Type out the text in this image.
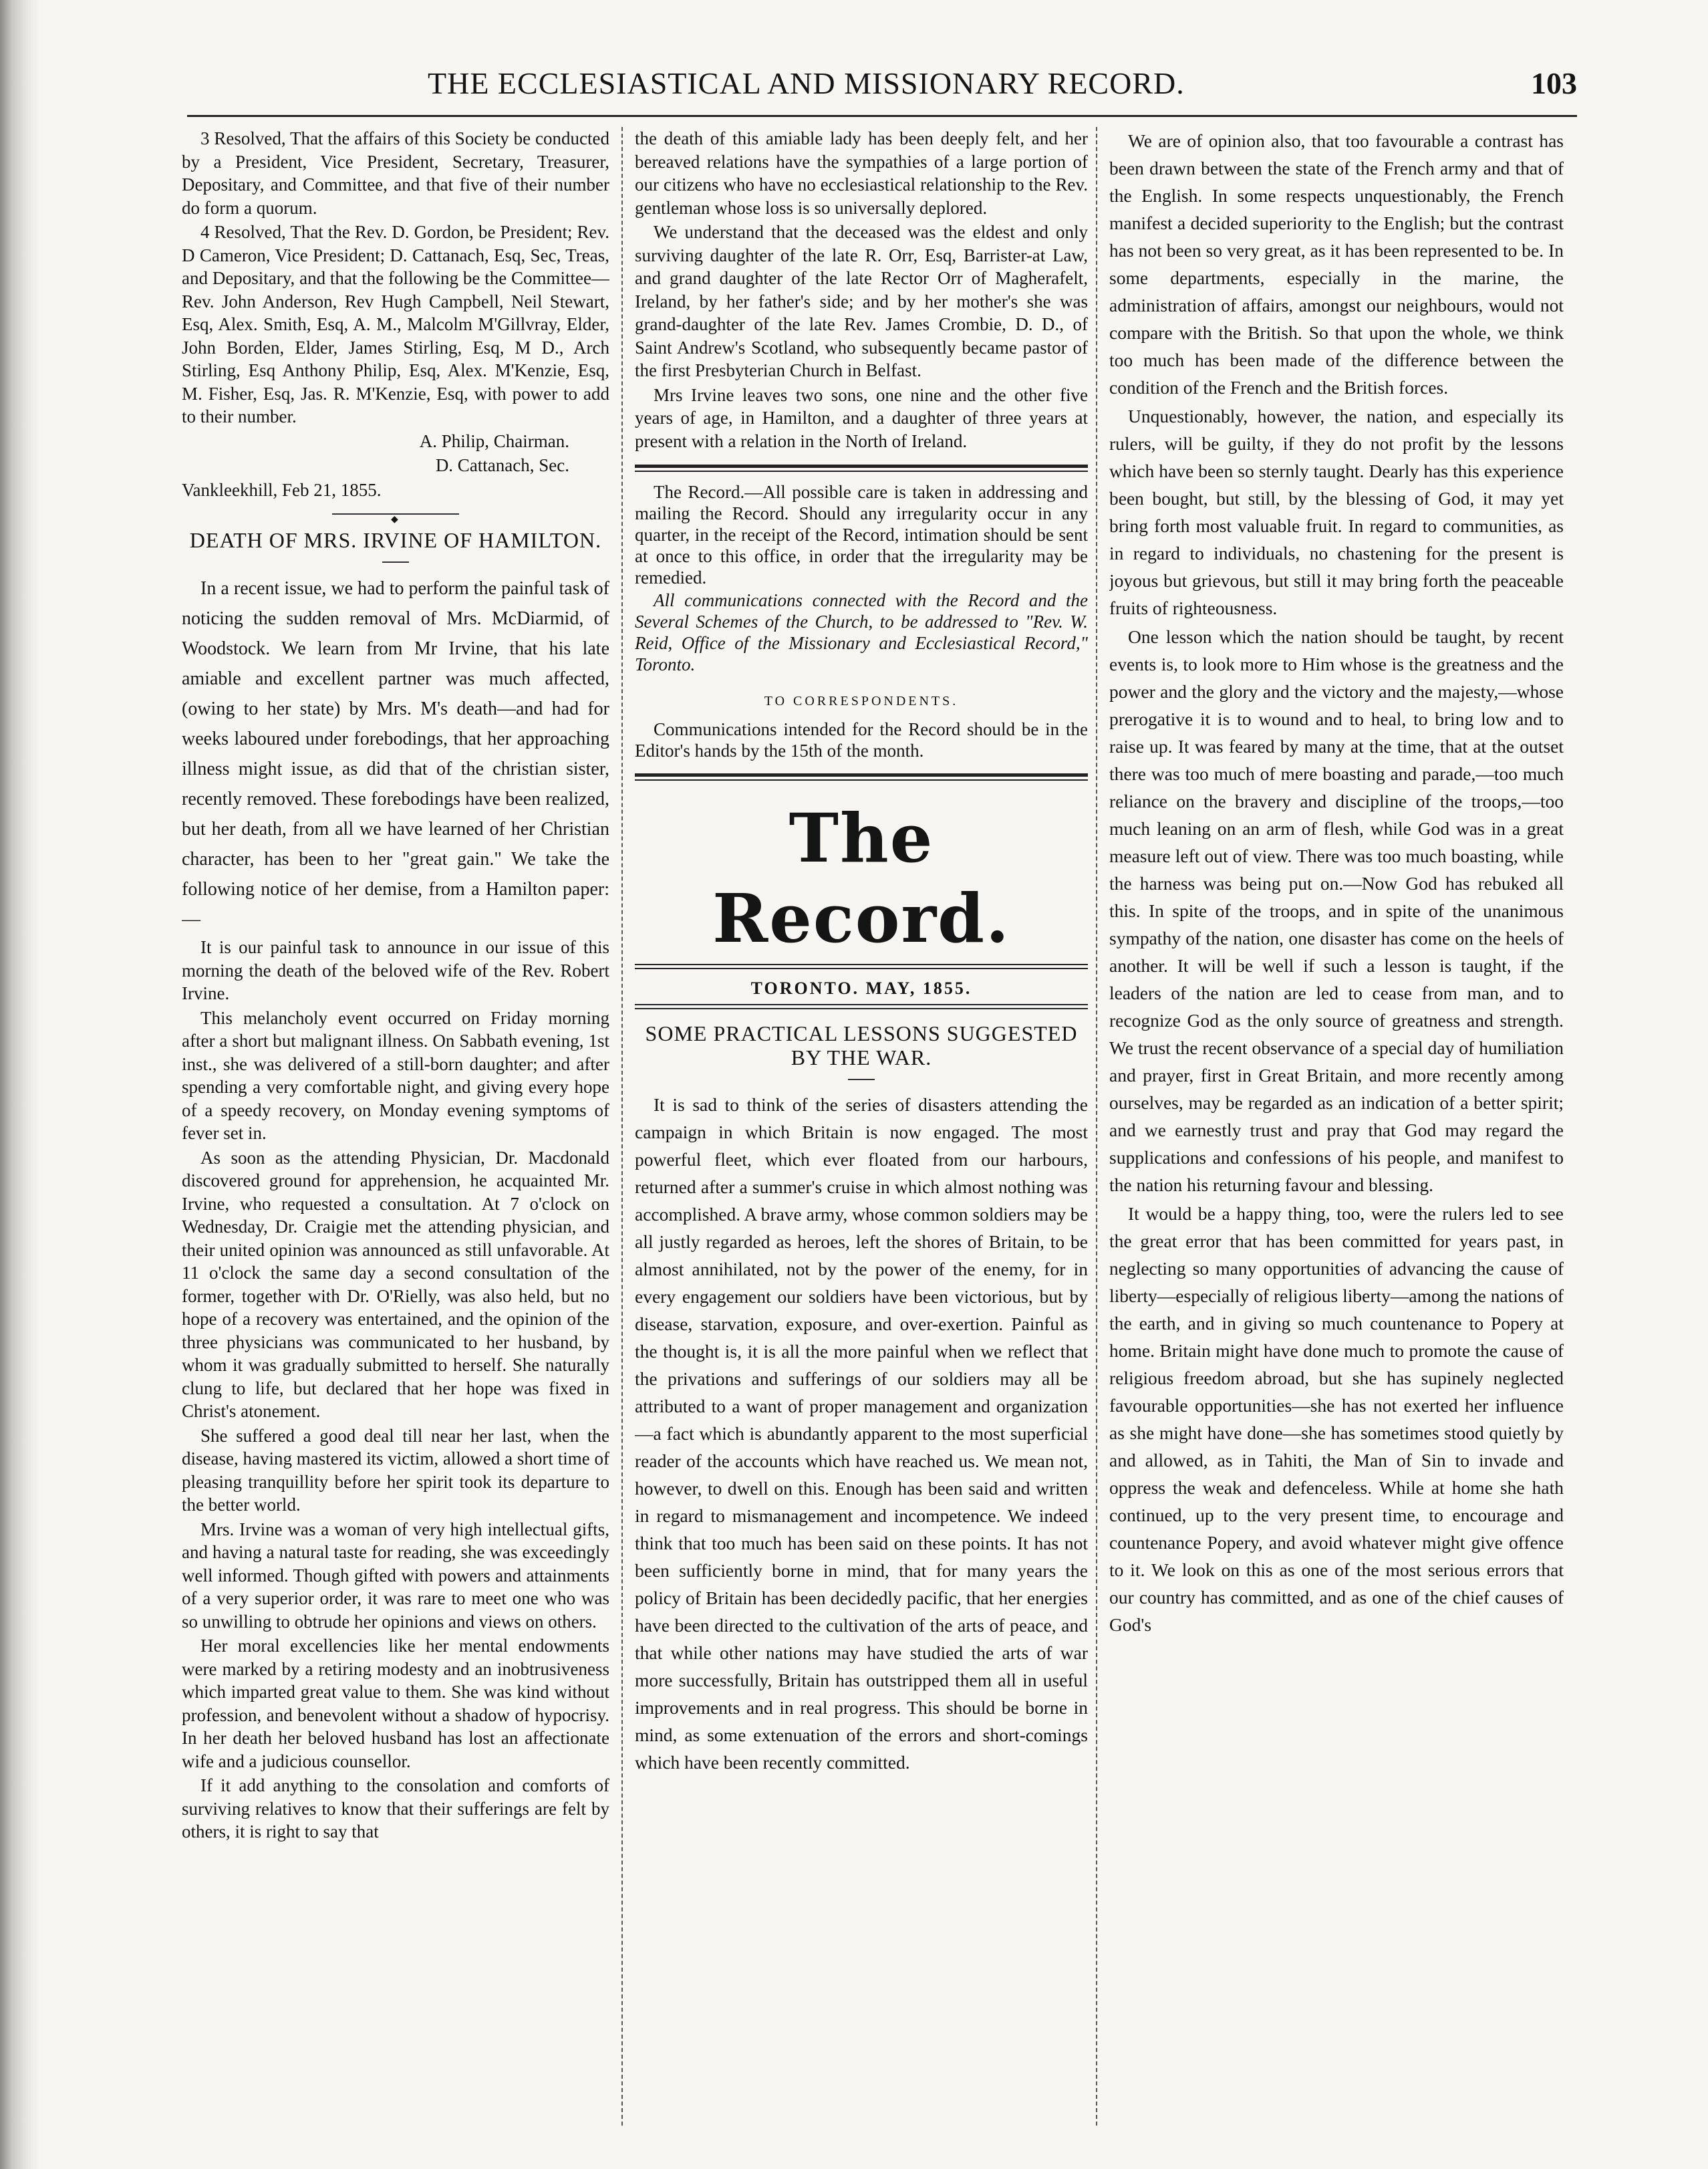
THE ECCLESIASTICAL AND MISSIONARY RECORD.	103

3 Resolved, That the affairs of this Society be conducted by a President, Vice President, Secretary, Treasurer, Depositary, and Committee, and that five of their number do form a quorum.

4 Resolved, That the Rev. D. Gordon, be President; Rev. D Cameron, Vice President; D. Cattanach, Esq, Sec, Treas, and Depositary, and that the following be the Committee—Rev. John Anderson, Rev Hugh Campbell, Neil Stewart, Esq, Alex. Smith, Esq, A. M., Malcolm M'Gillvray, Elder, John Borden, Elder, James Stirling, Esq, M D., Arch Stirling, Esq Anthony Philip, Esq, Alex. M'Kenzie, Esq, M. Fisher, Esq, Jas. R. M'Kenzie, Esq, with power to add to their number.

A. Philip, Chairman.

D. Cattanach, Sec.

Vankleekhill, Feb 21, 1855.

◆
DEATH OF MRS. IRVINE OF HAMILTON.

In a recent issue, we had to perform the painful task of noticing the sudden removal of Mrs. McDiarmid, of Woodstock. We learn from Mr Irvine, that his late amiable and excellent partner was much affected, (owing to her state) by Mrs. M's death—and had for weeks laboured under forebodings, that her approaching illness might issue, as did that of the christian sister, recently removed. These forebodings have been realized, but her death, from all we have learned of her Christian character, has been to her "great gain." We take the following notice of her demise, from a Hamilton paper:—

It is our painful task to announce in our issue of this morning the death of the beloved wife of the Rev. Robert Irvine.

This melancholy event occurred on Friday morning after a short but malignant illness. On Sabbath evening, 1st inst., she was delivered of a still-born daughter; and after spending a very comfortable night, and giving every hope of a speedy recovery, on Monday evening symptoms of fever set in.

As soon as the attending Physician, Dr. Macdonald discovered ground for apprehension, he acquainted Mr. Irvine, who requested a consultation. At 7 o'clock on Wednesday, Dr. Craigie met the attending physician, and their united opinion was announced as still unfavorable. At 11 o'clock the same day a second consultation of the former, together with Dr. O'Rielly, was also held, but no hope of a recovery was entertained, and the opinion of the three physicians was communicated to her husband, by whom it was gradually submitted to herself. She naturally clung to life, but declared that her hope was fixed in Christ's atonement.

She suffered a good deal till near her last, when the disease, having mastered its victim, allowed a short time of pleasing tranquillity before her spirit took its departure to the better world.

Mrs. Irvine was a woman of very high intellectual gifts, and having a natural taste for reading, she was exceedingly well informed. Though gifted with powers and attainments of a very superior order, it was rare to meet one who was so unwilling to obtrude her opinions and views on others.

Her moral excellencies like her mental endowments were marked by a retiring modesty and an inobtrusiveness which imparted great value to them. She was kind without profession, and benevolent without a shadow of hypocrisy. In her death her beloved husband has lost an affectionate wife and a judicious counsellor.

If it add anything to the consolation and comforts of surviving relatives to know that their sufferings are felt by others, it is right to say that

the death of this amiable lady has been deeply felt, and her bereaved relations have the sympathies of a large portion of our citizens who have no ecclesiastical relationship to the Rev. gentleman whose loss is so universally deplored.

We understand that the deceased was the eldest and only surviving daughter of the late R. Orr, Esq, Barrister-at Law, and grand daughter of the late Rector Orr of Magherafelt, Ireland, by her father's side; and by her mother's she was grand-daughter of the late Rev. James Crombie, D. D., of Saint Andrew's Scotland, who subsequently became pastor of the first Presbyterian Church in Belfast.

Mrs Irvine leaves two sons, one nine and the other five years of age, in Hamilton, and a daughter of three years at present with a relation in the North of Ireland.

The Record.—All possible care is taken in addressing and mailing the Record. Should any irregularity occur in any quarter, in the receipt of the Record, intimation should be sent at once to this office, in order that the irregularity may be remedied.

All communications connected with the Record and the Several Schemes of the Church, to be addressed to "Rev. W. Reid, Office of the Missionary and Ecclesiastical Record," Toronto.

TO CORRESPONDENTS.

Communications intended for the Record should be in the Editor's hands by the 15th of the month.

The Record.
TORONTO. MAY, 1855.
SOME PRACTICAL LESSONS SUGGESTED BY THE WAR.

It is sad to think of the series of disasters attending the campaign in which Britain is now engaged. The most powerful fleet, which ever floated from our harbours, returned after a summer's cruise in which almost nothing was accomplished. A brave army, whose common soldiers may be all justly regarded as heroes, left the shores of Britain, to be almost annihilated, not by the power of the enemy, for in every engagement our soldiers have been victorious, but by disease, starvation, exposure, and over-exertion. Painful as the thought is, it is all the more painful when we reflect that the privations and sufferings of our soldiers may all be attributed to a want of proper management and organization—a fact which is abundantly apparent to the most superficial reader of the accounts which have reached us. We mean not, however, to dwell on this. Enough has been said and written in regard to mismanagement and incompetence. We indeed think that too much has been said on these points. It has not been sufficiently borne in mind, that for many years the policy of Britain has been decidedly pacific, that her energies have been directed to the cultivation of the arts of peace, and that while other nations may have studied the arts of war more successfully, Britain has outstripped them all in useful improvements and in real progress. This should be borne in mind, as some extenuation of the errors and short-comings which have been recently committed.

We are of opinion also, that too favourable a contrast has been drawn between the state of the French army and that of the English. In some respects unquestionably, the French manifest a decided superiority to the English; but the contrast has not been so very great, as it has been represented to be. In some departments, especially in the marine, the administration of affairs, amongst our neighbours, would not compare with the British. So that upon the whole, we think too much has been made of the difference between the condition of the French and the British forces.

Unquestionably, however, the nation, and especially its rulers, will be guilty, if they do not profit by the lessons which have been so sternly taught. Dearly has this experience been bought, but still, by the blessing of God, it may yet bring forth most valuable fruit. In regard to communities, as in regard to individuals, no chastening for the present is joyous but grievous, but still it may bring forth the peaceable fruits of righteousness.

One lesson which the nation should be taught, by recent events is, to look more to Him whose is the greatness and the power and the glory and the victory and the majesty,—whose prerogative it is to wound and to heal, to bring low and to raise up. It was feared by many at the time, that at the outset there was too much of mere boasting and parade,—too much reliance on the bravery and discipline of the troops,—too much leaning on an arm of flesh, while God was in a great measure left out of view. There was too much boasting, while the harness was being put on.—Now God has rebuked all this. In spite of the troops, and in spite of the unanimous sympathy of the nation, one disaster has come on the heels of another. It will be well if such a lesson is taught, if the leaders of the nation are led to cease from man, and to recognize God as the only source of greatness and strength. We trust the recent observance of a special day of humiliation and prayer, first in Great Britain, and more recently among ourselves, may be regarded as an indication of a better spirit; and we earnestly trust and pray that God may regard the supplications and confessions of his people, and manifest to the nation his returning favour and blessing.

It would be a happy thing, too, were the rulers led to see the great error that has been committed for years past, in neglecting so many opportunities of advancing the cause of liberty—especially of religious liberty—among the nations of the earth, and in giving so much countenance to Popery at home. Britain might have done much to promote the cause of religious freedom abroad, but she has supinely neglected favourable opportunities—she has not exerted her influence as she might have done—she has sometimes stood quietly by and allowed, as in Tahiti, the Man of Sin to invade and oppress the weak and defenceless. While at home she hath continued, up to the very present time, to encourage and countenance Popery, and avoid whatever might give offence to it. We look on this as one of the most serious errors that our country has committed, and as one of the chief causes of God's
